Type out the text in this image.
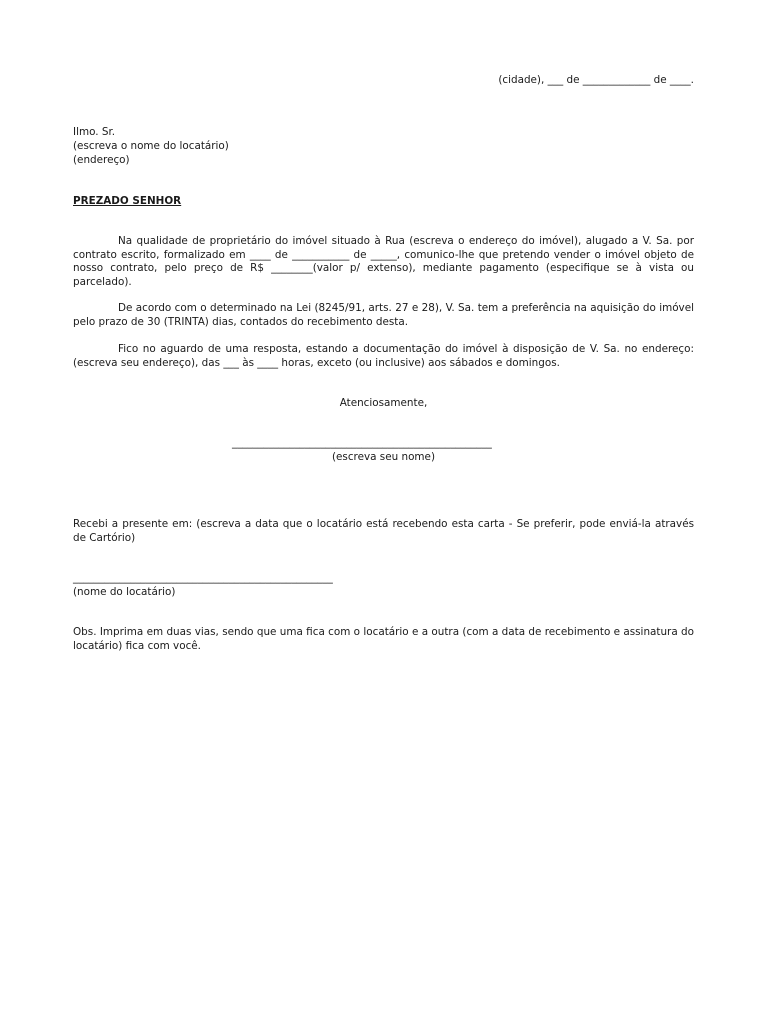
(cidade), ___ de _____________ de ____.

Ilmo. Sr.

(escreva o nome do locatário)

(endereço)

PREZADO SENHOR

Na qualidade de proprietário do imóvel situado à Rua (escreva o endereço do imóvel), alugado a V. Sa. por contrato escrito, formalizado em ____ de ___________ de _____, comunico-lhe que pretendo vender o imóvel objeto de nosso contrato, pelo preço de R$ ________(valor p/ extenso), mediante pagamento (especifique se à vista ou parcelado).

De acordo com o determinado na Lei (8245/91, arts. 27 e 28), V. Sa. tem a preferência na aquisição do imóvel pelo prazo de 30 (TRINTA) dias, contados do recebimento desta.

Fico no aguardo de uma resposta, estando a documentação do imóvel à disposição de V. Sa. no endereço: (escreva seu endereço), das ___ às ____ horas, exceto (ou inclusive) aos sábados e domingos.

Atenciosamente,

__________________________________________________

(escreva seu nome)

Recebi a presente em: (escreva a data que o locatário está recebendo esta carta - Se preferir, pode enviá-la através de Cartório)

__________________________________________________

(nome do locatário)

Obs. Imprima em duas vias, sendo que uma fica com o locatário e a outra (com a data de recebimento e assinatura do locatário) fica com você.
